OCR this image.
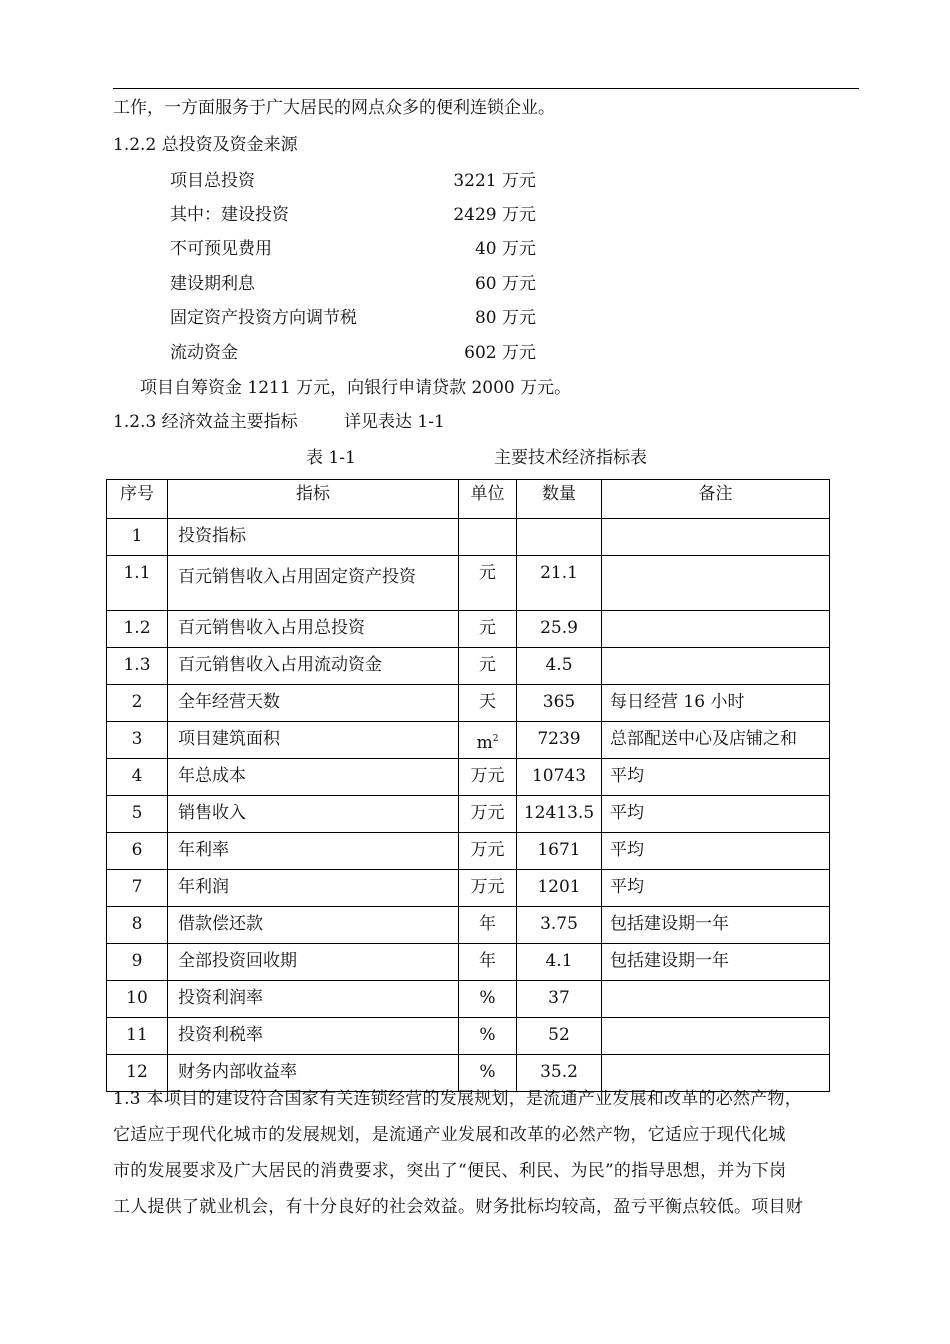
工作，一方面服务于广大居民的网点众多的便利连锁企业。
1.2.2 总投资及资金来源
项目总投资	3221 万元
其中：建设投资	2429 万元
不可预见费用	40 万元
建设期利息	60 万元
固定资产投资方向调节税	80 万元
流动资金	602 万元
项目自筹资金 1211 万元，向银行申请贷款 2000 万元。
1.2.3 经济效益主要指标	详见表达 1-1
表 1-1	主要技术经济指标表
序号	指标	单位	数量	备注
1	投资指标			
1.1	百元销售收入占用固定资产投资	元	21.1	
1.2	百元销售收入占用总投资	元	25.9	
1.3	百元销售收入占用流动资金	元	4.5	
2	全年经营天数	天	365	每日经营 16 小时
3	项目建筑面积	$m^2$	7239	总部配送中心及店铺之和
4	年总成本	万元	10743	平均
5	销售收入	万元	12413.5	平均
6	年利率	万元	1671	平均
7	年利润	万元	1201	平均
8	借款偿还款	年	3.75	包括建设期一年
9	全部投资回收期	年	4.1	包括建设期一年
10	投资利润率	%	37	
11	投资利税率	%	52	
12	财务内部收益率	%	35.2	
1.3 本项目的建设符合国家有关连锁经营的发展规划，是流通产业发展和改革的必然产物，
它适应于现代化城市的发展规划，是流通产业发展和改革的必然产物，它适应于现代化城
市的发展要求及广大居民的消费要求，突出了“便民、利民、为民”的指导思想，并为下岗
工人提供了就业机会，有十分良好的社会效益。财务批标均较高，盈亏平衡点较低。项目财
